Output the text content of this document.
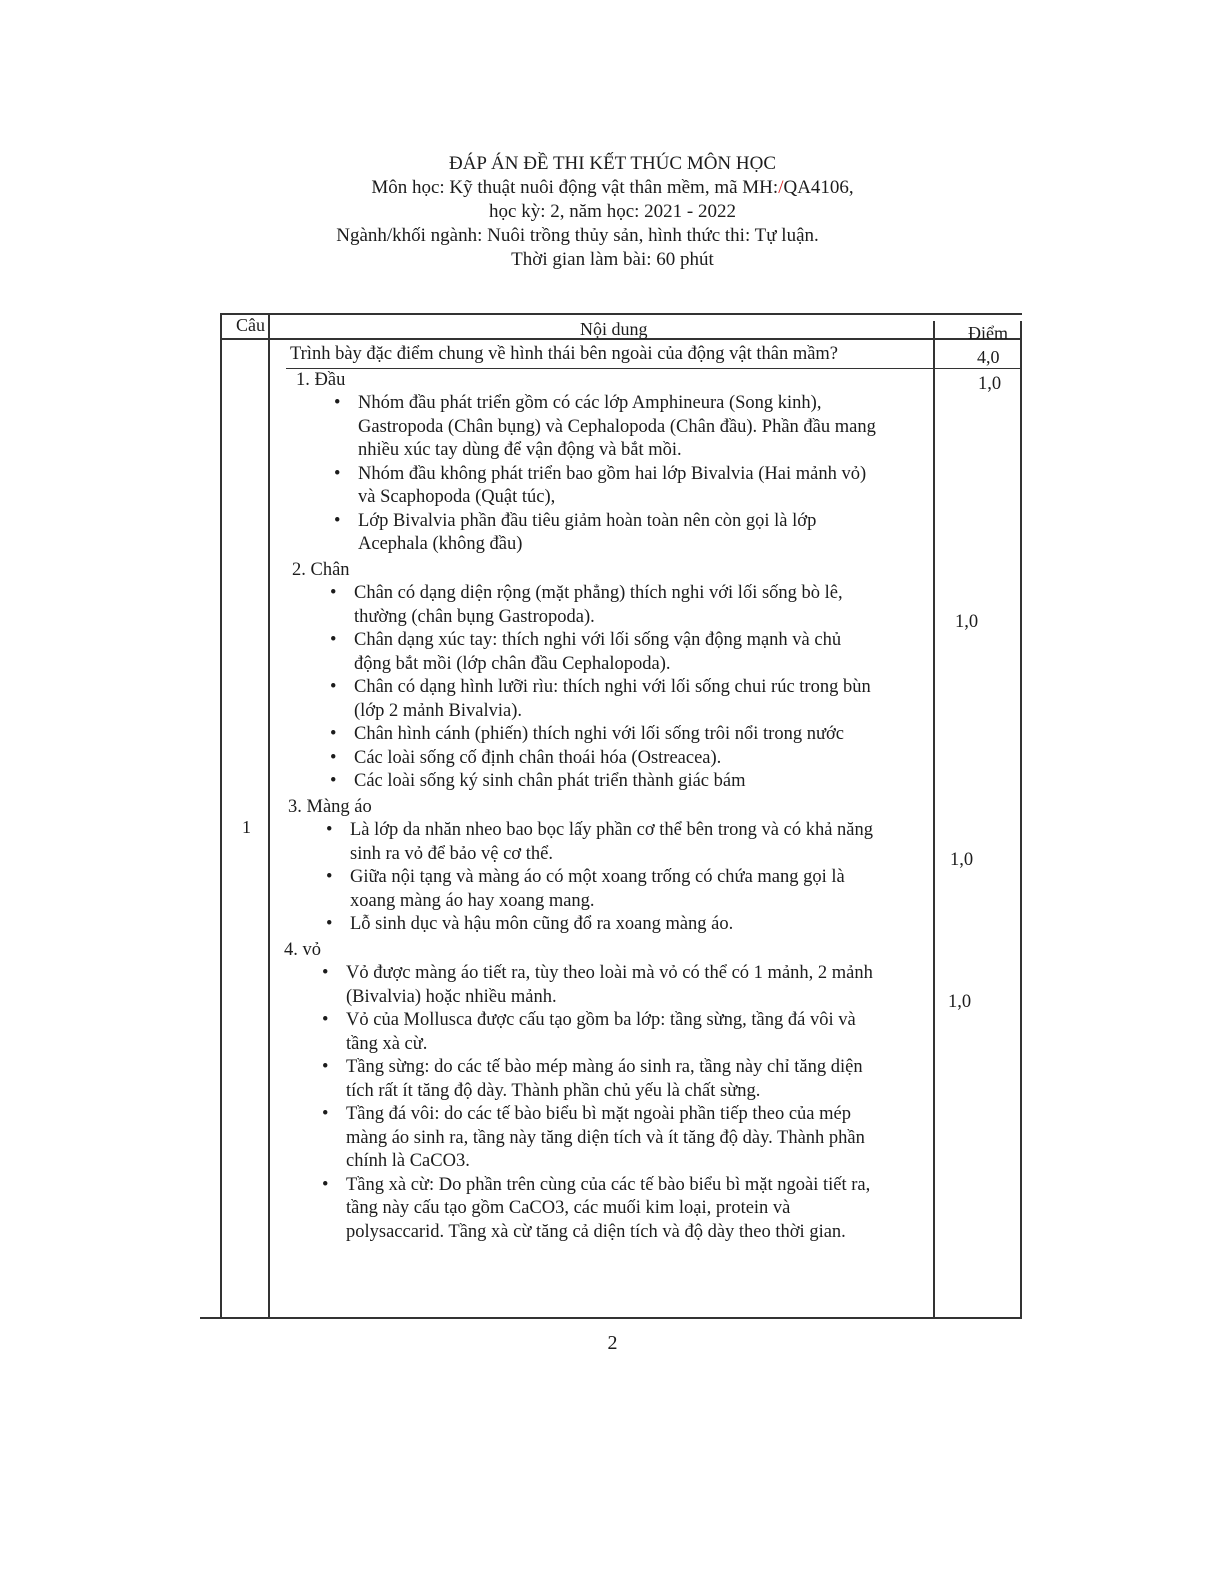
ĐÁP ÁN ĐỀ THI KẾT THÚC MÔN HỌC
Môn học: Kỹ thuật nuôi động vật thân mềm, mã MH:/QA4106,
học kỳ: 2, năm học: 2021 - 2022
Ngành/khối ngành: Nuôi trồng thủy sản, hình thức thi: Tự luận.
Thời gian làm bài: 60 phút
Câu	Nội dung	Điểm
1
4,0
Trình bày đặc điểm chung về hình thái bên ngoài của động vật thân mầm?
1. Đầu
• Nhóm đầu phát triển gồm có các lớp Amphineura (Song kinh),
Gastropoda (Chân bụng) và Cephalopoda (Chân đầu). Phần đầu mang
nhiều xúc tay dùng để vận động và bắt mồi.
• Nhóm đầu không phát triển bao gồm hai lớp Bivalvia (Hai mảnh vỏ)
và Scaphopoda (Quật túc),
• Lớp Bivalvia phần đầu tiêu giảm hoàn toàn nên còn gọi là lớp
Acephala (không đầu)
2. Chân
• Chân có dạng diện rộng (mặt phẳng) thích nghi với lối sống bò lê,
thường (chân bụng Gastropoda).
• Chân dạng xúc tay: thích nghi với lối sống vận động mạnh và chủ
động bắt mồi (lớp chân đầu Cephalopoda).
• Chân có dạng hình lưỡi rìu: thích nghi với lối sống chui rúc trong bùn
(lớp 2 mảnh Bivalvia).
• Chân hình cánh (phiến) thích nghi với lối sống trôi nổi trong nước
• Các loài sống cố định chân thoái hóa (Ostreacea).
• Các loài sống ký sinh chân phát triển thành giác bám
3. Màng áo
• Là lớp da nhăn nheo bao bọc lấy phần cơ thể bên trong và có khả năng
sinh ra vỏ để bảo vệ cơ thể.
• Giữa nội tạng và màng áo có một xoang trống có chứa mang gọi là
xoang màng áo hay xoang mang.
• Lỗ sinh dục và hậu môn cũng đổ ra xoang màng áo.
4. vỏ
• Vỏ được màng áo tiết ra, tùy theo loài mà vỏ có thể có 1 mảnh, 2 mảnh
(Bivalvia) hoặc nhiều mảnh.
• Vỏ của Mollusca được cấu tạo gồm ba lớp: tầng sừng, tầng đá vôi và
tầng xà cừ.
• Tầng sừng: do các tế bào mép màng áo sinh ra, tầng này chỉ tăng diện
tích rất ít tăng độ dày. Thành phần chủ yếu là chất sừng.
• Tầng đá vôi: do các tế bào biểu bì mặt ngoài phần tiếp theo của mép
màng áo sinh ra, tầng này tăng diện tích và ít tăng độ dày. Thành phần
chính là CaCO3.
• Tầng xà cừ: Do phần trên cùng của các tế bào biểu bì mặt ngoài tiết ra,
tầng này cấu tạo gồm CaCO3, các muối kim loại, protein và
polysaccarid. Tầng xà cừ tăng cả diện tích và độ dày theo thời gian.
1,0
1,0
1,0
1,0
2
